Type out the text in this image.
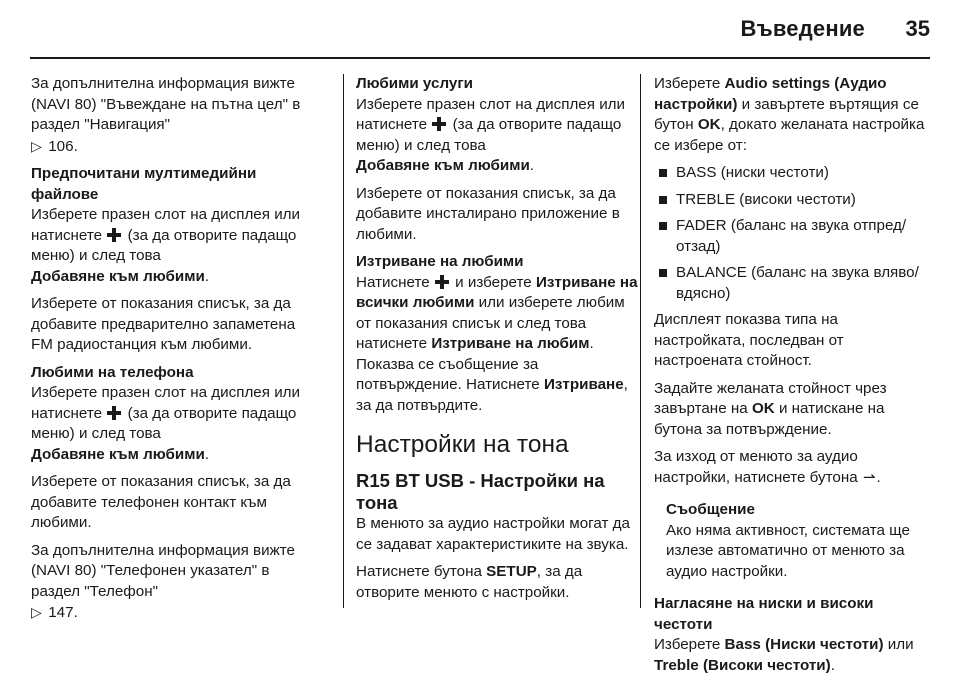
Въведение	35

За допълнителна информация вижте (NAVI 80) "Въвеждане на пътна цел" в раздел "Навигация"
▷ 106.

Предпочитани мултимедийни файлове
Изберете празен слот на дисплея или натиснете (за да отворите падащо меню) и след това
Добавяне към любими.

Изберете от показания списък, за да добавите предварително запаметена FM радиостанция към любими.

Любими на телефона
Изберете празен слот на дисплея или натиснете (за да отворите падащо меню) и след това
Добавяне към любими.

Изберете от показания списък, за да добавите телефонен контакт към любими.

За допълнителна информация вижте (NAVI 80) "Телефонен указател" в раздел "Телефон"
▷ 147.

Любими услуги
Изберете празен слот на дисплея или натиснете (за да отворите падащо меню) и след това
Добавяне към любими.

Изберете от показания списък, за да добавите инсталирано приложение в любими.

Изтриване на любими
Натиснете и изберете Изтриване на всички любими или изберете любим от показания списък и след това натиснете Изтриване на любим. Показва се съобщение за потвърждение. Натиснете Изтриване, за да потвърдите.

Настройки на тона
R15 BT USB - Настройки на тона

В менюто за аудио настройки могат да се задават характеристиките на звука.

Натиснете бутона SETUP, за да отворите менюто с настройки.

Изберете Audio settings (Аудио настройки) и завъртете въртящия се бутон OK, докато желаната настройка се избере от:

BASS (ниски честоти)
TREBLE (високи честоти)
FADER (баланс на звука отпред/отзад)
BALANCE (баланс на звука вляво/вдясно)

Дисплеят показва типа на настройката, последван от настроената стойност.

Задайте желаната стойност чрез завъртане на OK и натискане на бутона за потвърждение.

За изход от менюто за аудио настройки, натиснете бутона ⇀.

Съобщение
Ако няма активност, системата ще излезе автоматично от менюто за аудио настройки.

Нагласяне на ниски и високи честоти
Изберете Bass (Ниски честоти) или Treble (Високи честоти).
